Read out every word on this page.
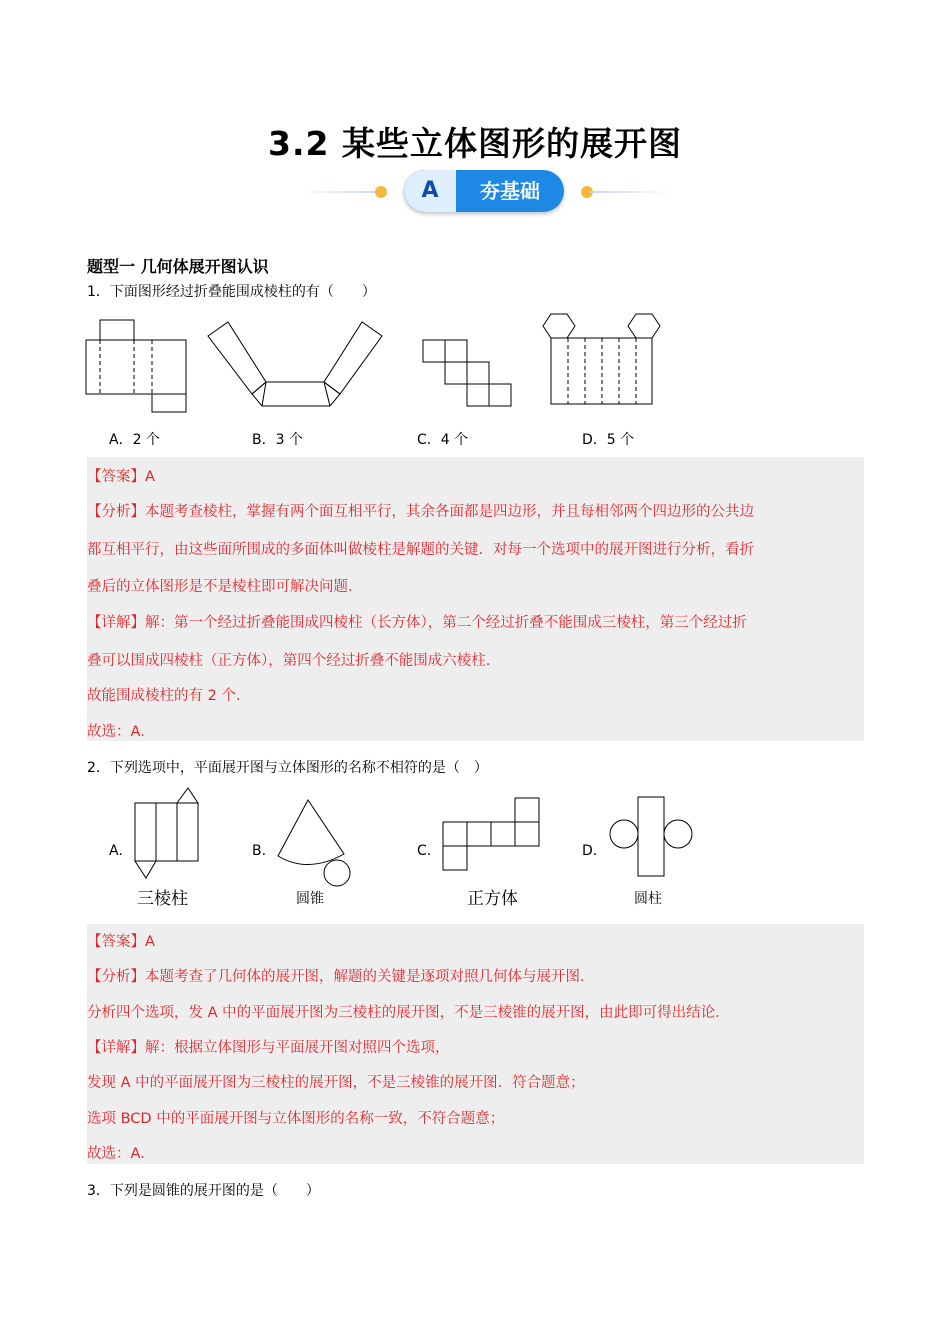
3.2 某些立体图形的展开图
A	夯基础
题型一 几何体展开图认识
1．下面图形经过折叠能围成棱柱的有（　　）
A．2 个	B．3 个	C．4 个	D．5 个

【答案】A

【分析】本题考查棱柱，掌握有两个面互相平行，其余各面都是四边形，并且每相邻两个四边形的公共边

都互相平行，由这些面所围成的多面体叫做棱柱是解题的关键．对每一个选项中的展开图进行分析，看折

叠后的立体图形是不是棱柱即可解决问题．

【详解】解：第一个经过折叠能围成四棱柱（长方体），第二个经过折叠不能围成三棱柱，第三个经过折

叠可以围成四棱柱（正方体），第四个经过折叠不能围成六棱柱．

故能围成棱柱的有 2 个．

故选：A．

2．下列选项中，平面展开图与立体图形的名称不相符的是（　）
A.
三棱柱
B.
圆锥
C.
正方体
D.
圆柱

【答案】A

【分析】本题考查了几何体的展开图，解题的关键是逐项对照几何体与展开图．

分析四个选项，发 A 中的平面展开图为三棱柱的展开图，不是三棱锥的展开图，由此即可得出结论．

【详解】解：根据立体图形与平面展开图对照四个选项，

发现 A 中的平面展开图为三棱柱的展开图，不是三棱锥的展开图．符合题意；

选项 BCD 中的平面展开图与立体图形的名称一致，不符合题意；

故选：A．

3．下列是圆锥的展开图的是（　　）
